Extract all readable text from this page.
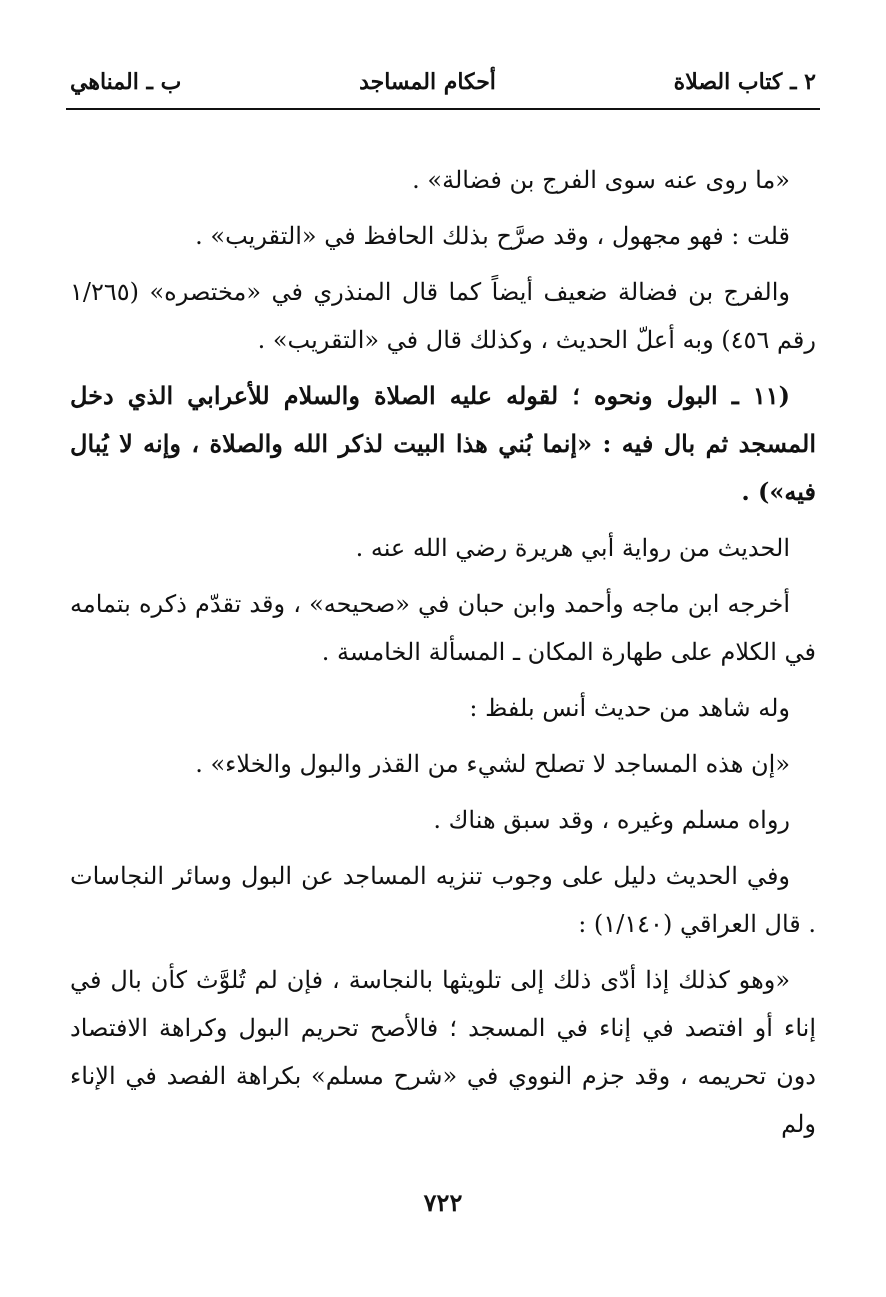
٢ ـ كتاب الصلاة
أحكام المساجد
ب ـ المناهي

«ما روى عنه سوى الفرج بن فضالة» .

قلت : فهو مجهول ، وقد صرَّح بذلك الحافظ في «التقريب» .

والفرج بن فضالة ضعيف أيضاً كما قال المنذري في «مختصره» (١/٢٦٥ رقم ٤٥٦) وبه أعلّ الحديث ، وكذلك قال في «التقريب» .

(١١ ـ البول ونحوه ؛ لقوله عليه الصلاة والسلام للأعرابي الذي دخل المسجد ثم بال فيه : «إنما بُني هذا البيت لذكر الله والصلاة ، وإنه لا يُبال فيه») .

الحديث من رواية أبي هريرة رضي الله عنه .

أخرجه ابن ماجه وأحمد وابن حبان في «صحيحه» ، وقد تقدّم ذكره بتمامه في الكلام على طهارة المكان ـ المسألة الخامسة .

وله شاهد من حديث أنس بلفظ :

«إن هذه المساجد لا تصلح لشيء من القذر والبول والخلاء» .

رواه مسلم وغيره ، وقد سبق هناك .

وفي الحديث دليل على وجوب تنزيه المساجد عن البول وسائر النجاسات . قال العراقي (١/١٤٠) :

«وهو كذلك إذا أدّى ذلك إلى تلويثها بالنجاسة ، فإن لم تُلوَّث كأن بال في إناء أو افتصد في إناء في المسجد ؛ فالأصح تحريم البول وكراهة الافتصاد دون تحريمه ، وقد جزم النووي في «شرح مسلم» بكراهة الفصد في الإناء ولم

٧٢٢
